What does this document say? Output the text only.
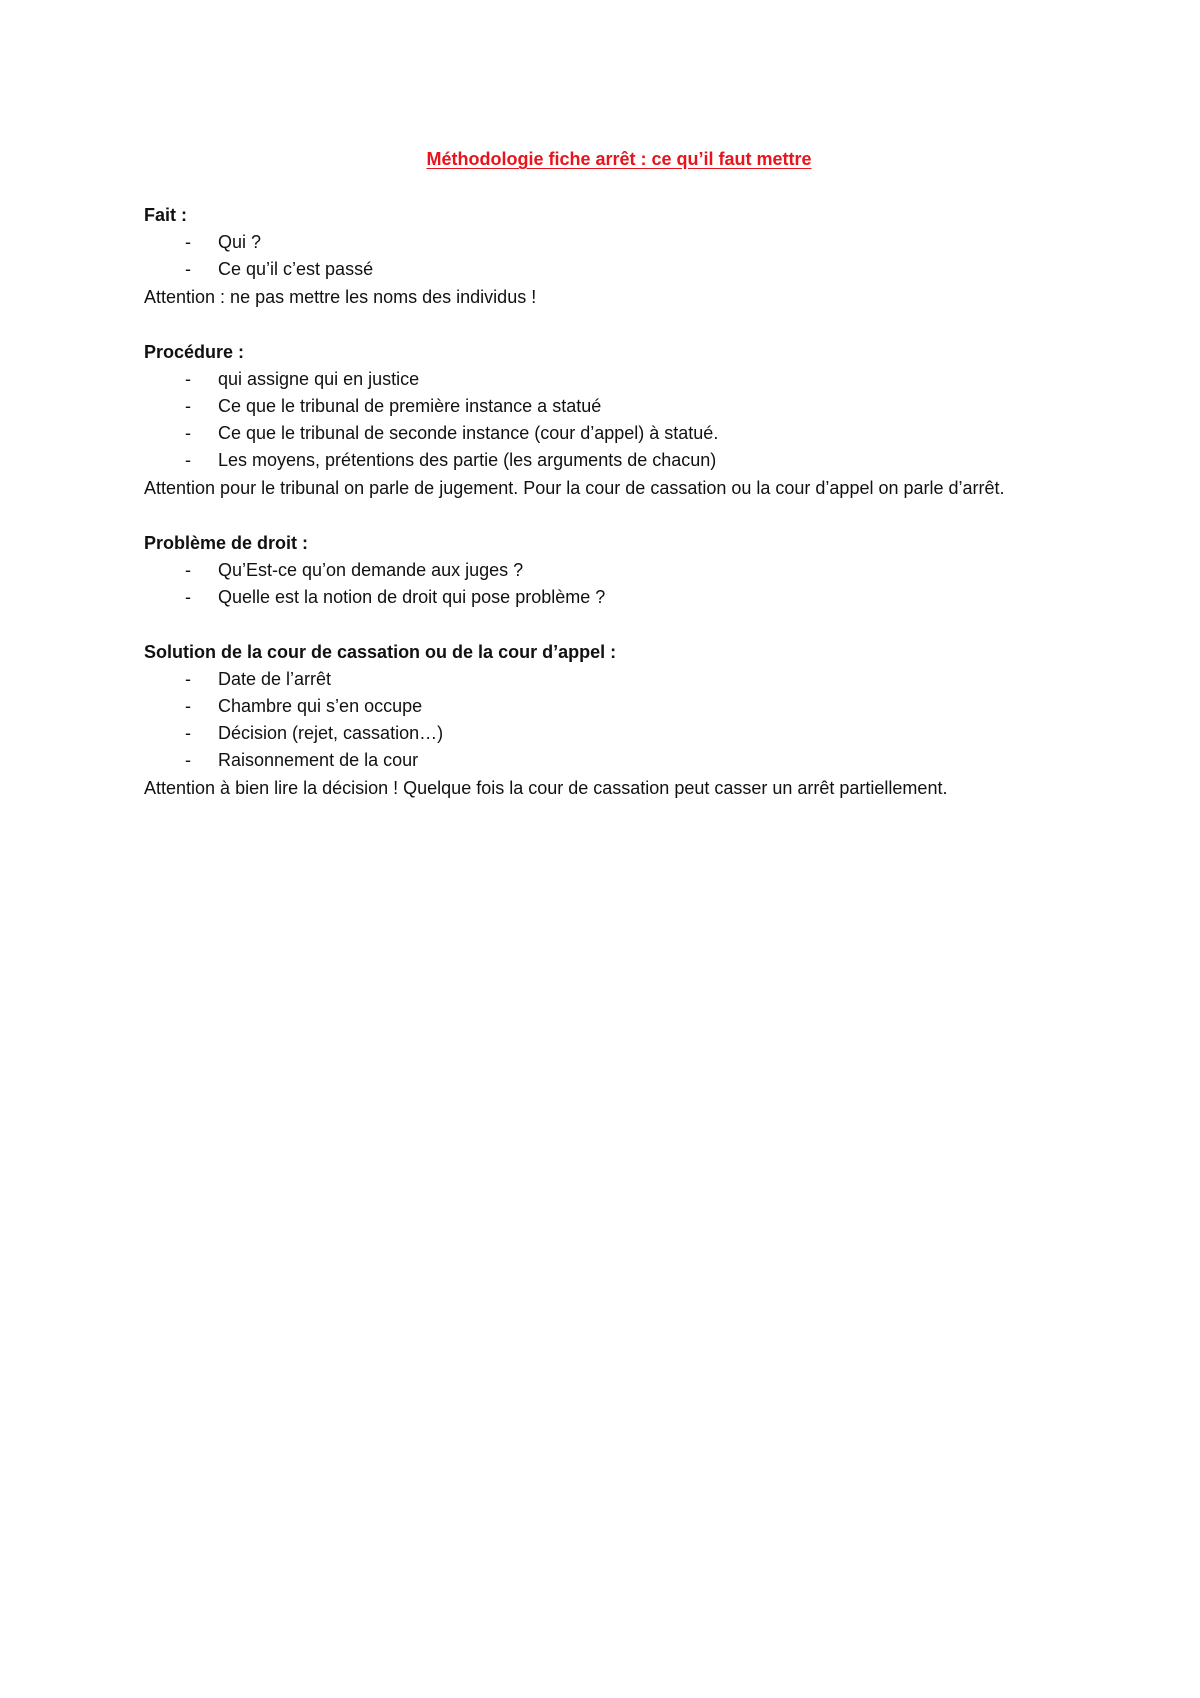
Méthodologie fiche arrêt : ce qu’il faut mettre

Fait :

- Qui ?
- Ce qu’il c’est passé

Attention : ne pas mettre les noms des individus !

Procédure :

- qui assigne qui en justice
- Ce que le tribunal de première instance a statué
- Ce que le tribunal de seconde instance (cour d’appel) à statué.
- Les moyens, prétentions des partie (les arguments de chacun)

Attention pour le tribunal on parle de jugement. Pour la cour de cassation ou la cour d’appel on parle d’arrêt.

Problème de droit :

- Qu’Est-ce qu’on demande aux juges ?
- Quelle est la notion de droit qui pose problème ?

Solution de la cour de cassation ou de la cour d’appel :

- Date de l’arrêt
- Chambre qui s’en occupe
- Décision (rejet, cassation…)
- Raisonnement de la cour

Attention à bien lire la décision ! Quelque fois la cour de cassation peut casser un arrêt partiellement.
